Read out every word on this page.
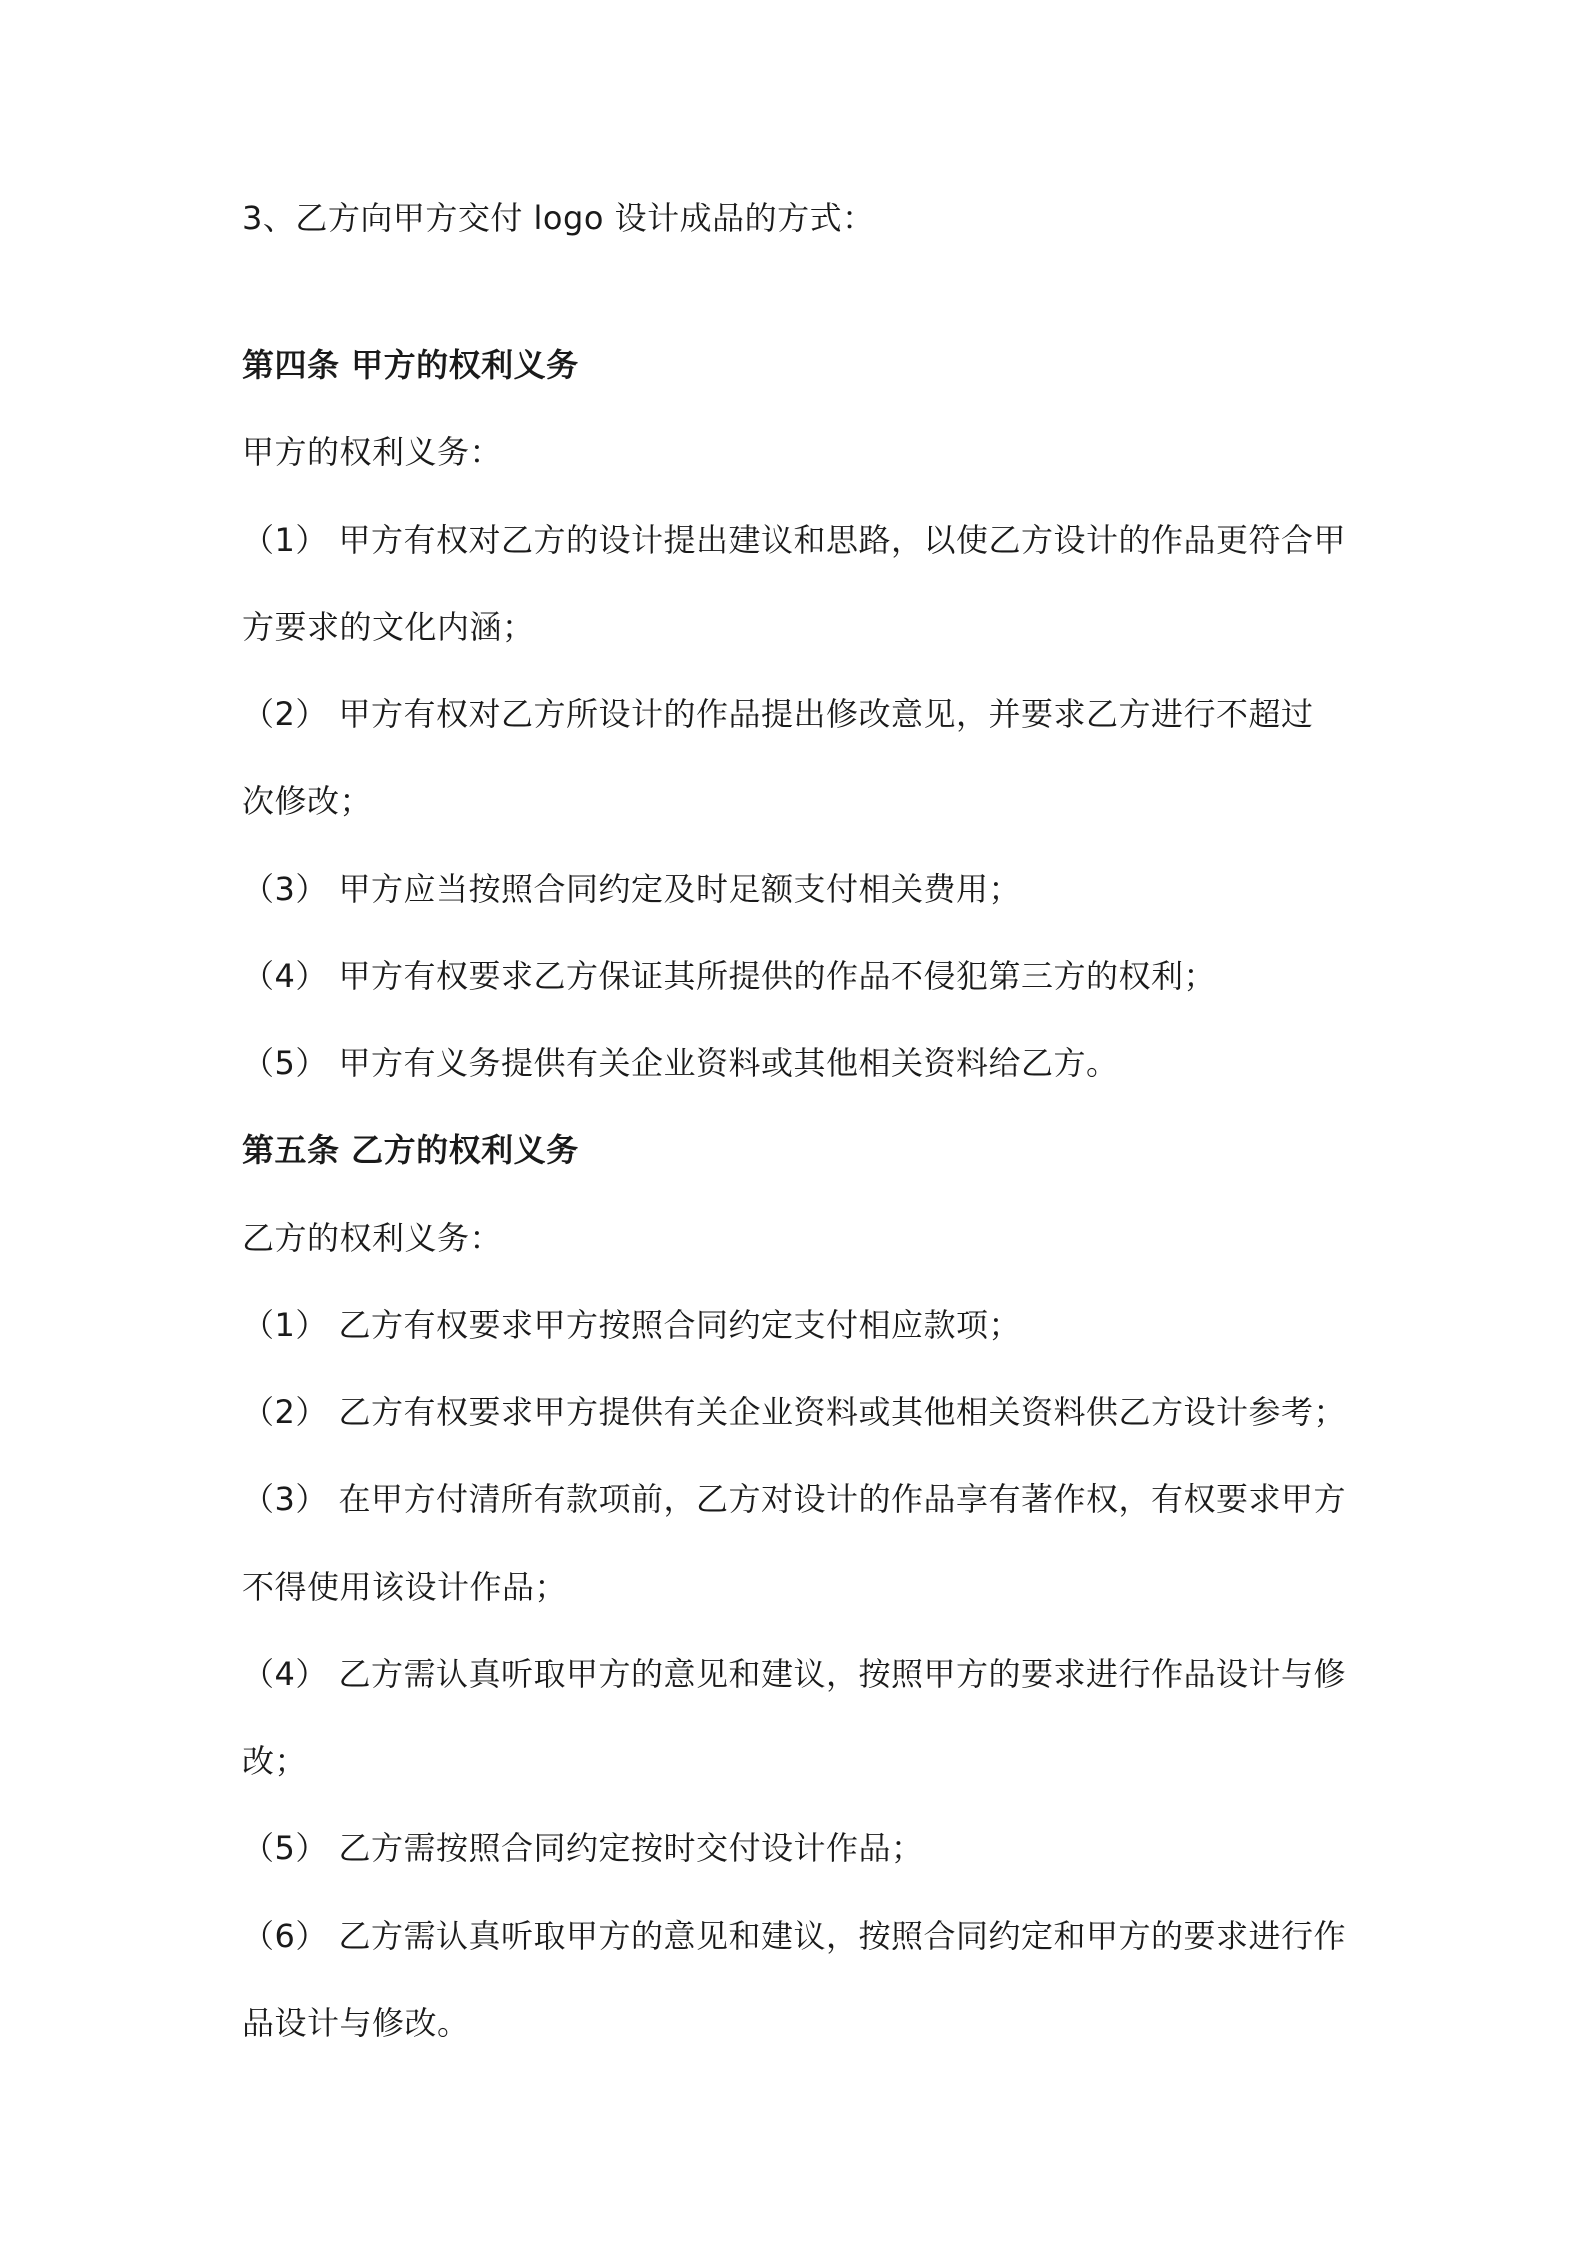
3、乙方向甲方交付 logo 设计成品的方式：
第四条 甲方的权利义务
甲方的权利义务：
（1） 甲方有权对乙方的设计提出建议和思路，以使乙方设计的作品更符合甲
方要求的文化内涵；
（2） 甲方有权对乙方所设计的作品提出修改意见，并要求乙方进行不超过
次修改；
（3） 甲方应当按照合同约定及时足额支付相关费用；
（4） 甲方有权要求乙方保证其所提供的作品不侵犯第三方的权利；
（5） 甲方有义务提供有关企业资料或其他相关资料给乙方。
第五条 乙方的权利义务
乙方的权利义务：
（1） 乙方有权要求甲方按照合同约定支付相应款项；
（2） 乙方有权要求甲方提供有关企业资料或其他相关资料供乙方设计参考；
（3） 在甲方付清所有款项前，乙方对设计的作品享有著作权，有权要求甲方
不得使用该设计作品；
（4） 乙方需认真听取甲方的意见和建议，按照甲方的要求进行作品设计与修
改；
（5） 乙方需按照合同约定按时交付设计作品；
（6） 乙方需认真听取甲方的意见和建议，按照合同约定和甲方的要求进行作
品设计与修改。
